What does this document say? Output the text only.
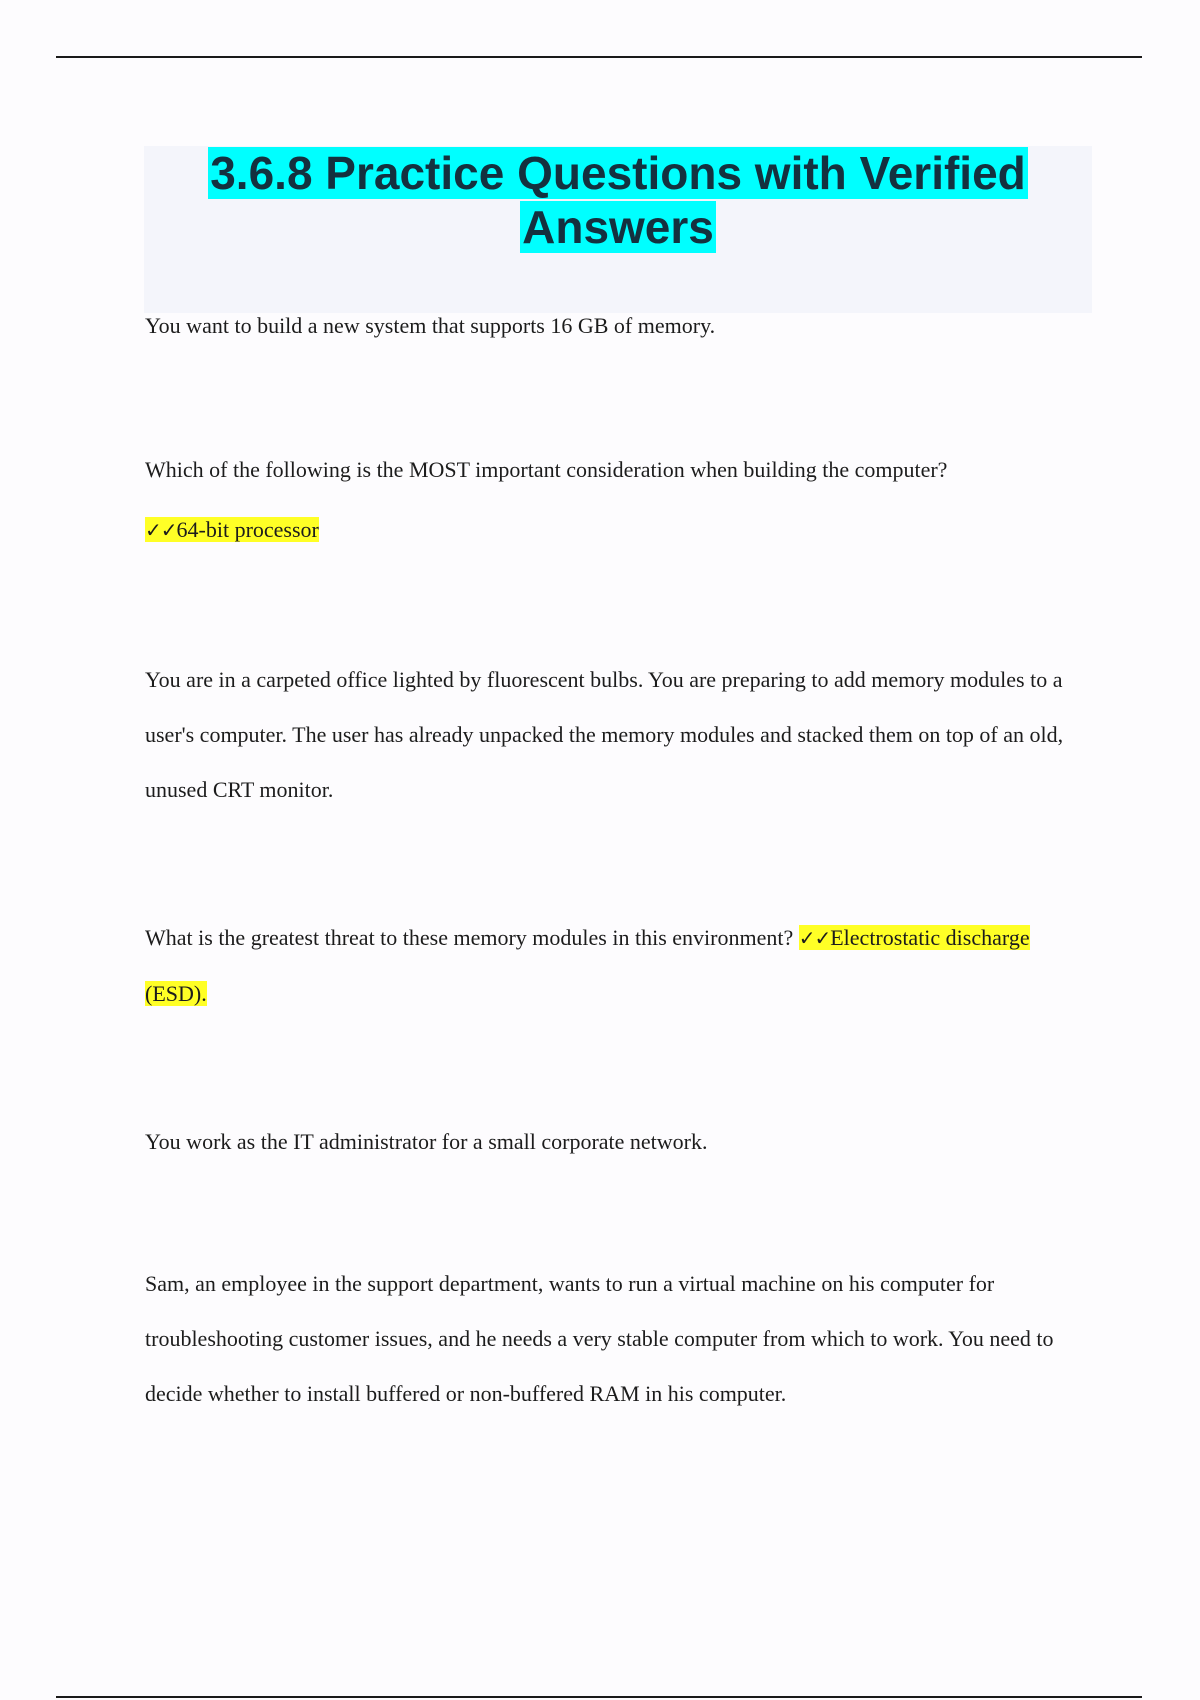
3.6.8 Practice Questions with Verified Answers

You want to build a new system that supports 16 GB of memory.

Which of the following is the MOST important consideration when building the computer?

✓✓64-bit processor

You are in a carpeted office lighted by fluorescent bulbs. You are preparing to add memory modules to a user's computer. The user has already unpacked the memory modules and stacked them on top of an old, unused CRT monitor.

What is the greatest threat to these memory modules in this environment? ✓✓Electrostatic discharge (ESD).

You work as the IT administrator for a small corporate network.

Sam, an employee in the support department, wants to run a virtual machine on his computer for troubleshooting customer issues, and he needs a very stable computer from which to work. You need to decide whether to install buffered or non-buffered RAM in his computer.
